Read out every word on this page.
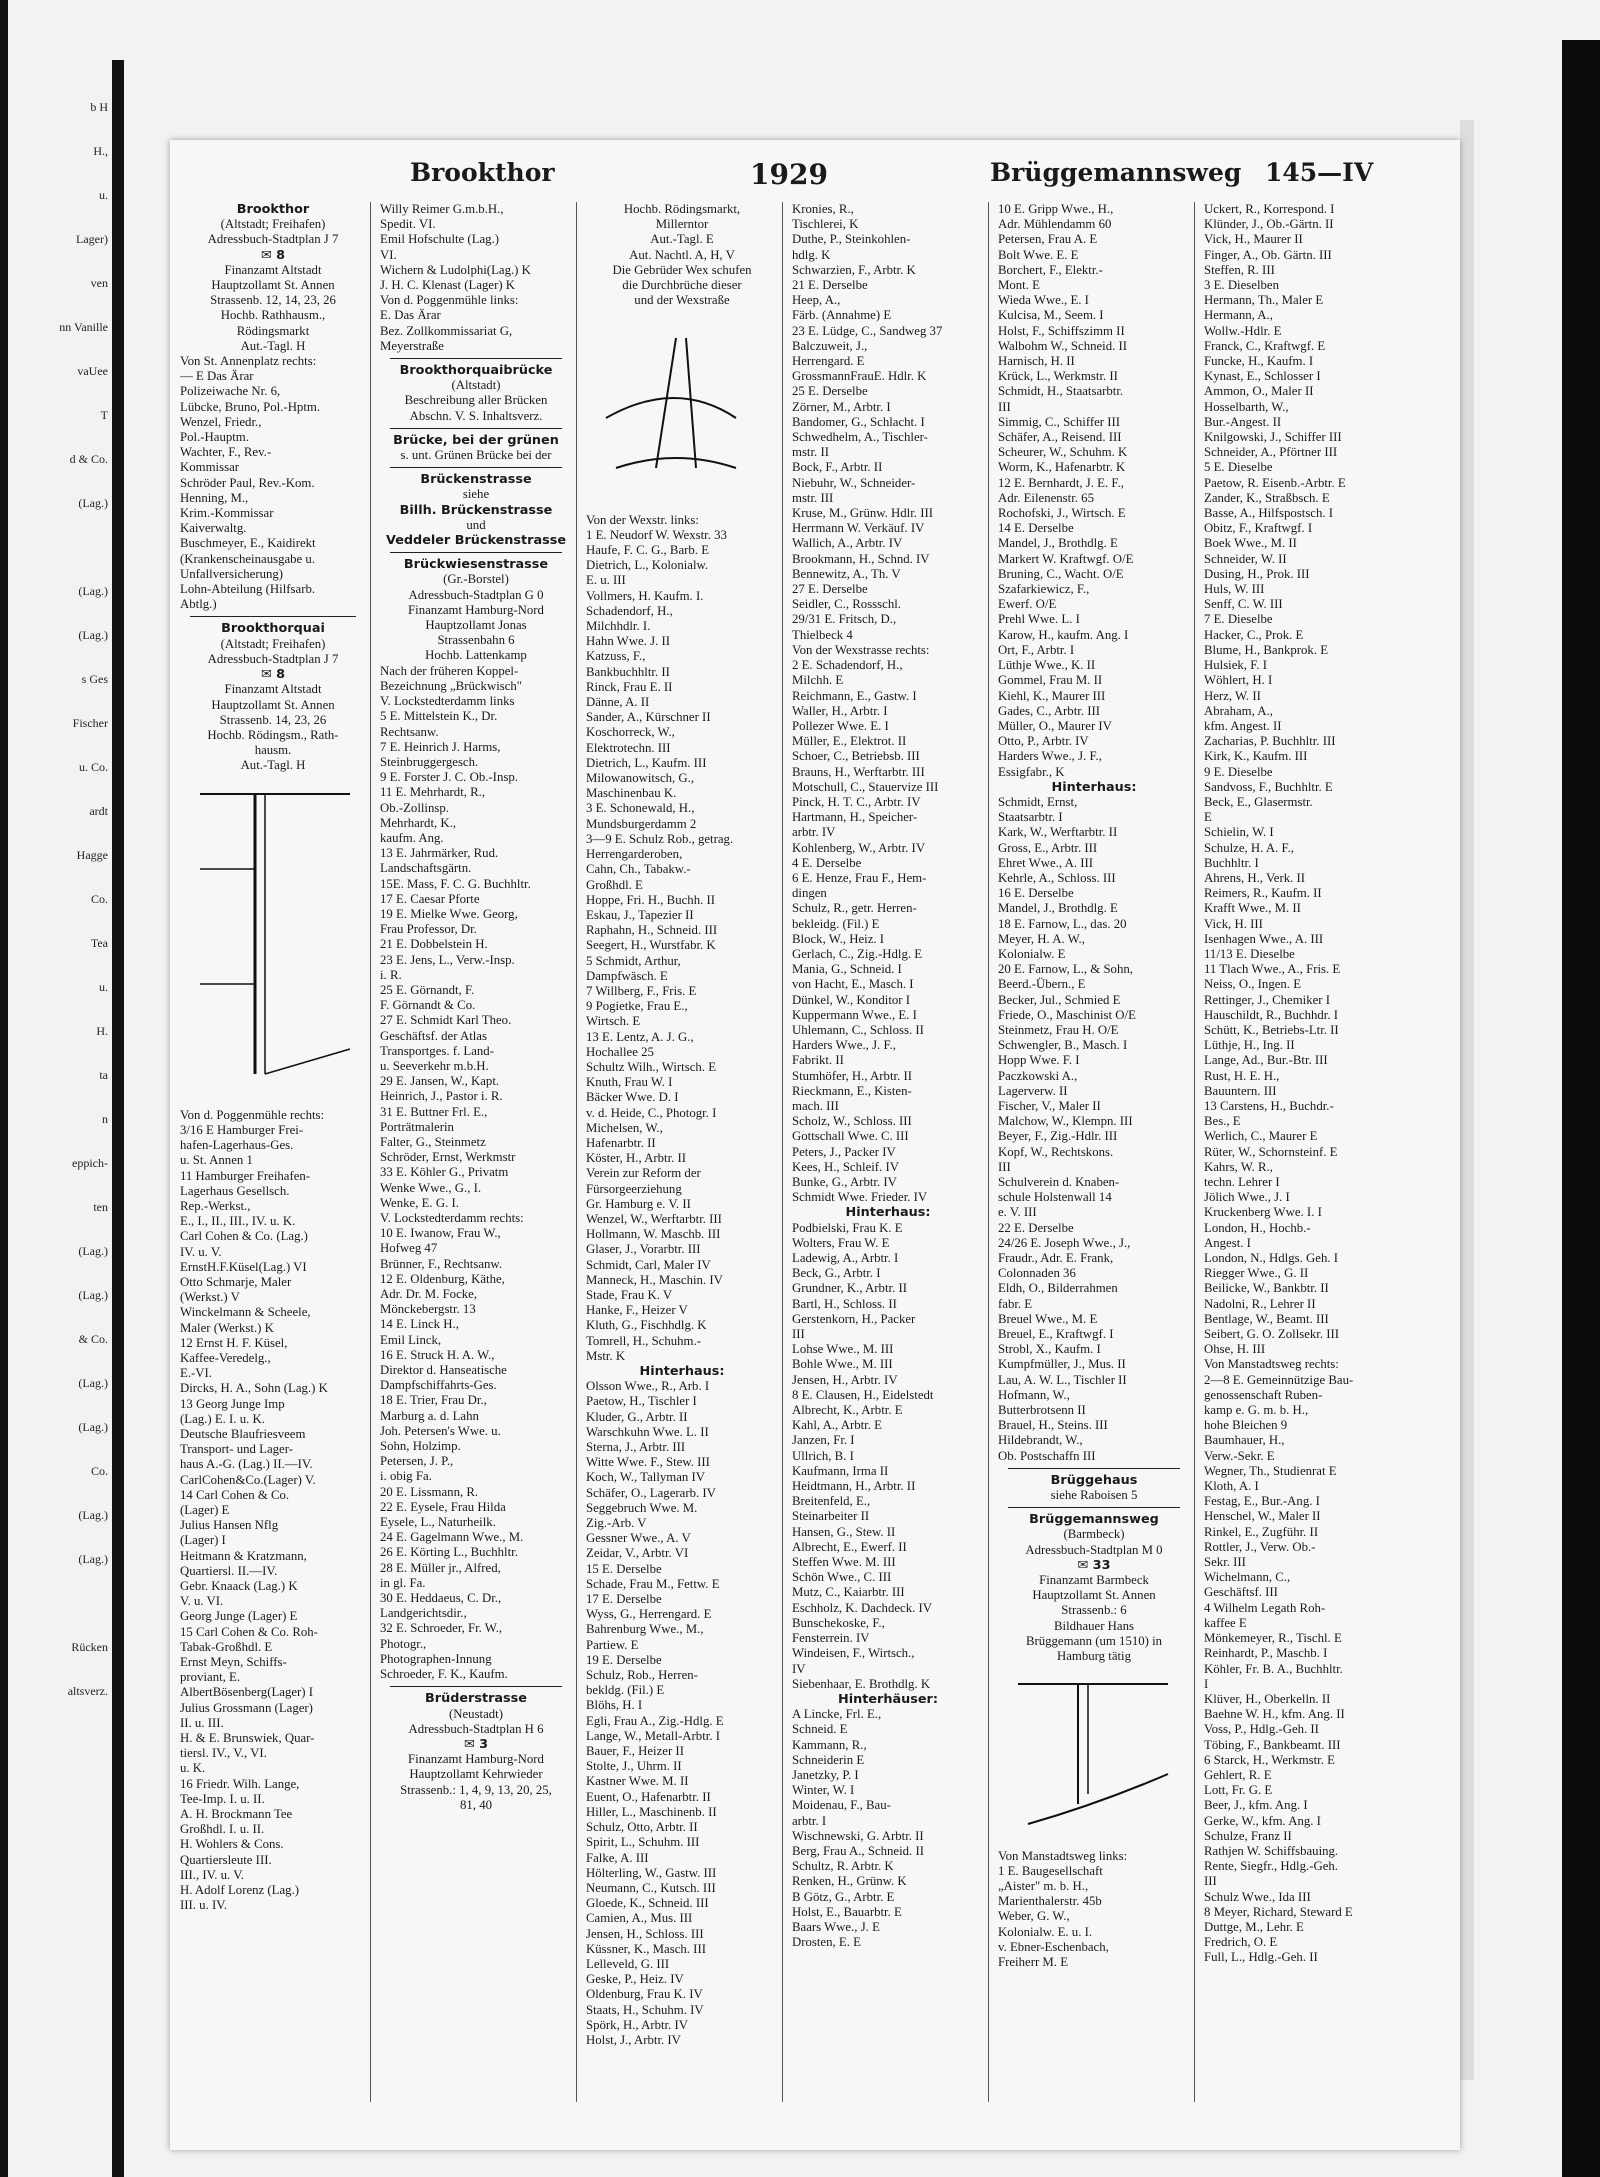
b H
H.,
u.
Lager)
ven
nn Vanille
vaUee
T
d & Co.
(Lag.)
(Lag.)
(Lag.)
s Ges
Fischer
u. Co.
ardt
Hagge
Co.
Tea
u.
H.
ta
n
eppich-
ten
(Lag.)
(Lag.)
& Co.
(Lag.)
(Lag.)
Co.
(Lag.)
(Lag.)
Rücken
altsverz.
Brookthor	1929	Brüggemannsweg 145—IV
Brookthor
(Altstadt; Freihafen)
Adressbuch-Stadtplan J 7
✉ 8
Finanzamt Altstadt
Hauptzollamt St. Annen
Strassenb. 12, 14, 23, 26
Hochb. Rathhausm.,
Rödingsmarkt
Aut.-Tagl. H
Von St. Annenplatz rechts:
— E Das Ärar
Polizeiwache Nr. 6,
Lübcke, Bruno, Pol.-Hptm.
Wenzel, Friedr.,
Pol.-Hauptm.
Wachter, F., Rev.-
Kommissar
Schröder Paul, Rev.-Kom.
Henning, M.,
Krim.-Kommissar
Kaiverwaltg.
Buschmeyer, E., Kaidirekt
(Krankenscheinausgabe u.
Unfallversicherung)
Lohn-Abteilung (Hilfsarb.
Abtlg.)
Brookthorquai
(Altstadt; Freihafen)
Adressbuch-Stadtplan J 7
✉ 8
Finanzamt Altstadt
Hauptzollamt St. Annen
Strassenb. 14, 23, 26
Hochb. Rödingsm., Rath-
hausm.
Aut.-Tagl. H
Von d. Poggenmühle rechts:
3/16 E Hamburger Frei-
hafen-Lagerhaus-Ges.
u. St. Annen 1
11 Hamburger Freihafen-
Lagerhaus Gesellsch.
Rep.-Werkst.,
E., I., II., III., IV. u. K.
Carl Cohen & Co. (Lag.)
IV. u. V.
ErnstH.F.Küsel(Lag.) VI
Otto Schmarje, Maler
(Werkst.) V
Winckelmann & Scheele,
Maler (Werkst.) K
12 Ernst H. F. Küsel,
Kaffee-Veredelg.,
E.-VI.
Dircks, H. A., Sohn (Lag.) K
13 Georg Junge Imp
(Lag.) E. I. u. K.
Deutsche Blaufriesveem
Transport- und Lager-
haus A.-G. (Lag.) II.—IV.
CarlCohen&Co.(Lager) V.
14 Carl Cohen & Co.
(Lager) E
Julius Hansen Nflg
(Lager) I
Heitmann & Kratzmann,
Quartiersl. II.—IV.
Gebr. Knaack (Lag.) K
V. u. VI.
Georg Junge (Lager) E
15 Carl Cohen & Co. Roh-
Tabak-Großhdl. E
Ernst Meyn, Schiffs-
proviant, E.
AlbertBösenberg(Lager) I
Julius Grossmann (Lager)
II. u. III.
H. & E. Brunswiek, Quar-
tiersl. IV., V., VI.
u. K.
16 Friedr. Wilh. Lange,
Tee-Imp. I. u. II.
A. H. Brockmann Tee
Großhdl. I. u. II.
H. Wohlers & Cons.
Quartiersleute III.
III., IV. u. V.
H. Adolf Lorenz (Lag.)
III. u. IV.
Willy Reimer G.m.b.H.,
Spedit. VI.
Emil Hofschulte (Lag.)
VI.
Wichern & Ludolphi(Lag.) K
J. H. C. Klenast (Lager) K
Von d. Poggenmühle links:
E. Das Ärar
Bez. Zollkommissariat G,
Meyerstraße
Brookthorquaibrücke
(Altstadt)
Beschreibung aller Brücken
Abschn. V. S. Inhaltsverz.
Brücke, bei der grünen
s. unt. Grünen Brücke bei der
Brückenstrasse
siehe
Billh. Brückenstrasse
und
Veddeler Brückenstrasse
Brückwiesenstrasse
(Gr.-Borstel)
Adressbuch-Stadtplan G 0
Finanzamt Hamburg-Nord
Hauptzollamt Jonas
Strassenbahn 6
Hochb. Lattenkamp
Nach der früheren Koppel-
Bezeichnung „Brückwisch"
V. Lockstedterdamm links
5 E. Mittelstein K., Dr.
Rechtsanw.
7 E. Heinrich J. Harms,
Steinbruggergesch.
9 E. Forster J. C. Ob.-Insp.
11 E. Mehrhardt, R.,
Ob.-Zollinsp.
Mehrhardt, K.,
kaufm. Ang.
13 E. Jahrmärker, Rud.
Landschaftsgärtn.
15E. Mass, F. C. G. Buchhltr.
17 E. Caesar Pforte
19 E. Mielke Wwe. Georg,
Frau Professor, Dr.
21 E. Dobbelstein H.
23 E. Jens, L., Verw.-Insp.
i. R.
25 E. Görnandt, F.
F. Görnandt & Co.
27 E. Schmidt Karl Theo.
Geschäftsf. der Atlas
Transportges. f. Land-
u. Seeverkehr m.b.H.
29 E. Jansen, W., Kapt.
Heinrich, J., Pastor i. R.
31 E. Buttner Frl. E.,
Porträtmalerin
Falter, G., Steinmetz
Schröder, Ernst, Werkmstr
33 E. Köhler G., Privatm
Wenke Wwe., G., I.
Wenke, E. G. I.
V. Lockstedterdamm rechts:
10 E. Iwanow, Frau W.,
Hofweg 47
Brünner, F., Rechtsanw.
12 E. Oldenburg, Käthe,
Adr. Dr. M. Focke,
Mönckebergstr. 13
14 E. Linck H.,
Emil Linck,
16 E. Struck H. A. W.,
Direktor d. Hanseatische
Dampfschiffahrts-Ges.
18 E. Trier, Frau Dr.,
Marburg a. d. Lahn
Joh. Petersen's Wwe. u.
Sohn, Holzimp.
Petersen, J. P.,
i. obig Fa.
20 E. Lissmann, R.
22 E. Eysele, Frau Hilda
Eysele, L., Naturheilk.
24 E. Gagelmann Wwe., M.
26 E. Körting L., Buchhltr.
28 E. Müller jr., Alfred,
in gl. Fa.
30 E. Heddaeus, C. Dr.,
Landgerichtsdir.,
32 E. Schroeder, Fr. W.,
Photogr.,
Photographen-Innung
Schroeder, F. K., Kaufm.
Brüderstrasse
(Neustadt)
Adressbuch-Stadtplan H 6
✉ 3
Finanzamt Hamburg-Nord
Hauptzollamt Kehrwieder
Strassenb.: 1, 4, 9, 13, 20, 25,
81, 40
Hochb. Rödingsmarkt,
Millerntor
Aut.-Tagl. E
Aut. Nachtl. A, H, V
Die Gebrüder Wex schufen
die Durchbrüche dieser
und der Wexstraße
Von der Wexstr. links:
1 E. Neudorf W. Wexstr. 33
Haufe, F. C. G., Barb. E
Dietrich, L., Kolonialw.
E. u. III
Vollmers, H. Kaufm. I.
Schadendorf, H.,
Milchhdlr. I.
Hahn Wwe. J. II
Katzuss, F.,
Bankbuchhltr. II
Rinck, Frau E. II
Dänne, A. II
Sander, A., Kürschner II
Koschorreck, W.,
Elektrotechn. III
Dietrich, L., Kaufm. III
Milowanowitsch, G.,
Maschinenbau K.
3 E. Schonewald, H.,
Mundsburgerdamm 2
3—9 E. Schulz Rob., getrag.
Herrengarderoben,
Cahn, Ch., Tabakw.-
Großhdl. E
Hoppe, Fri. H., Buchh. II
Eskau, J., Tapezier II
Raphahn, H., Schneid. III
Seegert, H., Wurstfabr. K
5 Schmidt, Arthur,
Dampfwäsch. E
7 Willberg, F., Fris. E
9 Pogietke, Frau E.,
Wirtsch. E
13 E. Lentz, A. J. G.,
Hochallee 25
Schultz Wilh., Wirtsch. E
Knuth, Frau W. I
Bäcker Wwe. D. I
v. d. Heide, C., Photogr. I
Michelsen, W.,
Hafenarbtr. II
Köster, H., Arbtr. II
Verein zur Reform der
Fürsorgeerziehung
Gr. Hamburg e. V. II
Wenzel, W., Werftarbtr. III
Hollmann, W. Maschb. III
Glaser, J., Vorarbtr. III
Schmidt, Carl, Maler IV
Manneck, H., Maschin. IV
Stade, Frau K. V
Hanke, F., Heizer V
Kluth, G., Fischhdlg. K
Tomrell, H., Schuhm.-
Mstr. K
Hinterhaus:
Olsson Wwe., R., Arb. I
Paetow, H., Tischler I
Kluder, G., Arbtr. II
Warschkuhn Wwe. L. II
Sterna, J., Arbtr. III
Witte Wwe. F., Stew. III
Koch, W., Tallyman IV
Schäfer, O., Lagerarb. IV
Seggebruch Wwe. M.
Zig.-Arb. V
Gessner Wwe., A. V
Zeidar, V., Arbtr. VI
15 E. Derselbe
Schade, Frau M., Fettw. E
17 E. Derselbe
Wyss, G., Herrengard. E
Bahrenburg Wwe., M.,
Partiew. E
19 E. Derselbe
Schulz, Rob., Herren-
bekldg. (Fil.) E
Blöhs, H. I
Egli, Frau A., Zig.-Hdlg. E
Lange, W., Metall-Arbtr. I
Bauer, F., Heizer II
Stolte, J., Uhrm. II
Kastner Wwe. M. II
Euent, O., Hafenarbtr. II
Hiller, L., Maschinenb. II
Schulz, Otto, Arbtr. II
Spirit, L., Schuhm. III
Falke, A. III
Hölterling, W., Gastw. III
Neumann, C., Kutsch. III
Gloede, K., Schneid. III
Camien, A., Mus. III
Jensen, H., Schloss. III
Küssner, K., Masch. III
Lelleveld, G. III
Geske, P., Heiz. IV
Oldenburg, Frau K. IV
Staats, H., Schuhm. IV
Spörk, H., Arbtr. IV
Holst, J., Arbtr. IV
Kronies, R.,
Tischlerei, K
Duthe, P., Steinkohlen-
hdlg. K
Schwarzien, F., Arbtr. K
21 E. Derselbe
Heep, A.,
Färb. (Annahme) E
23 E. Lüdge, C., Sandweg 37
Balczuweit, J.,
Herrengard. E
GrossmannFrauE. Hdlr. K
25 E. Derselbe
Zörner, M., Arbtr. I
Bandomer, G., Schlacht. I
Schwedhelm, A., Tischler-
mstr. II
Bock, F., Arbtr. II
Niebuhr, W., Schneider-
mstr. III
Kruse, M., Grünw. Hdlr. III
Herrmann W. Verkäuf. IV
Wallich, A., Arbtr. IV
Brookmann, H., Schnd. IV
Bennewitz, A., Th. V
27 E. Derselbe
Seidler, C., Rossschl.
29/31 E. Fritsch, D.,
Thielbeck 4
Von der Wexstrasse rechts:
2 E. Schadendorf, H.,
Milchh. E
Reichmann, E., Gastw. I
Waller, H., Arbtr. I
Pollezer Wwe. E. I
Müller, E., Elektrot. II
Schoer, C., Betriebsb. III
Brauns, H., Werftarbtr. III
Motschull, C., Stauervize III
Pinck, H. T. C., Arbtr. IV
Hartmann, H., Speicher-
arbtr. IV
Kohlenberg, W., Arbtr. IV
4 E. Derselbe
6 E. Henze, Frau F., Hem-
dingen
Schulz, R., getr. Herren-
bekleidg. (Fil.) E
Block, W., Heiz. I
Gerlach, C., Zig.-Hdlg. E
Mania, G., Schneid. I
von Hacht, E., Masch. I
Dünkel, W., Konditor I
Kuppermann Wwe., E. I
Uhlemann, C., Schloss. II
Harders Wwe., J. F.,
Fabrikt. II
Stumhöfer, H., Arbtr. II
Rieckmann, E., Kisten-
mach. III
Scholz, W., Schloss. III
Gottschall Wwe. C. III
Peters, J., Packer IV
Kees, H., Schleif. IV
Bunke, G., Arbtr. IV
Schmidt Wwe. Frieder. IV
Hinterhaus:
Podbielski, Frau K. E
Wolters, Frau W. E
Ladewig, A., Arbtr. I
Beck, G., Arbtr. I
Grundner, K., Arbtr. II
Bartl, H., Schloss. II
Gerstenkorn, H., Packer
III
Lohse Wwe., M. III
Bohle Wwe., M. III
Jensen, H., Arbtr. IV
8 E. Clausen, H., Eidelstedt
Albrecht, K., Arbtr. E
Kahl, A., Arbtr. E
Janzen, Fr. I
Ullrich, B. I
Kaufmann, Irma II
Heidtmann, H., Arbtr. II
Breitenfeld, E.,
Steinarbeiter II
Hansen, G., Stew. II
Albrecht, E., Ewerf. II
Steffen Wwe. M. III
Schön Wwe., C. III
Mutz, C., Kaiarbtr. III
Eschholz, K. Dachdeck. IV
Bunschekoske, F.,
Fensterrein. IV
Windeisen, F., Wirtsch.,
IV
Siebenhaar, E. Brothdlg. K
Hinterhäuser:
A Lincke, Frl. E.,
Schneid. E
Kammann, R.,
Schneiderin E
Janetzky, P. I
Winter, W. I
Moidenau, F., Bau-
arbtr. I
Wischnewski, G. Arbtr. II
Berg, Frau A., Schneid. II
Schultz, R. Arbtr. K
Renken, H., Grünw. K
B Götz, G., Arbtr. E
Holst, E., Bauarbtr. E
Baars Wwe., J. E
Drosten, E. E
10 E. Gripp Wwe., H.,
Adr. Mühlendamm 60
Petersen, Frau A. E
Bolt Wwe. E. E
Borchert, F., Elektr.-
Mont. E
Wieda Wwe., E. I
Kulcisa, M., Seem. I
Holst, F., Schiffszimm II
Walbohm W., Schneid. II
Harnisch, H. II
Krück, L., Werkmstr. II
Schmidt, H., Staatsarbtr.
III
Simmig, C., Schiffer III
Schäfer, A., Reisend. III
Scheurer, W., Schuhm. K
Worm, K., Hafenarbtr. K
12 E. Bernhardt, J. E. F.,
Adr. Eilenenstr. 65
Rochofski, J., Wirtsch. E
14 E. Derselbe
Mandel, J., Brothdlg. E
Markert W. Kraftwgf. O/E
Bruning, C., Wacht. O/E
Szafarkiewicz, F.,
Ewerf. O/E
Prehl Wwe. L. I
Karow, H., kaufm. Ang. I
Ort, F., Arbtr. I
Lüthje Wwe., K. II
Gommel, Frau M. II
Kiehl, K., Maurer III
Gades, C., Arbtr. III
Müller, O., Maurer IV
Otto, P., Arbtr. IV
Harders Wwe., J. F.,
Essigfabr., K
Hinterhaus:
Schmidt, Ernst,
Staatsarbtr. I
Kark, W., Werftarbtr. II
Gross, E., Arbtr. III
Ehret Wwe., A. III
Kehrle, A., Schloss. III
16 E. Derselbe
Mandel, J., Brothdlg. E
18 E. Farnow, L., das. 20
Meyer, H. A. W.,
Kolonialw. E
20 E. Farnow, L., & Sohn,
Beerd.-Übern., E
Becker, Jul., Schmied E
Friede, O., Maschinist O/E
Steinmetz, Frau H. O/E
Schwengler, B., Masch. I
Hopp Wwe. F. I
Paczkowski A.,
Lagerverw. II
Fischer, V., Maler II
Malchow, W., Klempn. III
Beyer, F., Zig.-Hdlr. III
Kopf, W., Rechtskons.
III
Schulverein d. Knaben-
schule Holstenwall 14
e. V. III
22 E. Derselbe
24/26 E. Joseph Wwe., J.,
Fraudr., Adr. E. Frank,
Colonnaden 36
Eldh, O., Bilderrahmen
fabr. E
Breuel Wwe., M. E
Breuel, E., Kraftwgf. I
Strobl, X., Kaufm. I
Kumpfmüller, J., Mus. II
Lau, A. W. L., Tischler II
Hofmann, W.,
Butterbrotsenn II
Brauel, H., Steins. III
Hildebrandt, W.,
Ob. Postschaffn III
Brüggehaus
siehe Raboisen 5
Brüggemannsweg
(Barmbeck)
Adressbuch-Stadtplan M 0
✉ 33
Finanzamt Barmbeck
Hauptzollamt St. Annen
Strassenb.: 6
Bildhauer Hans
Brüggemann (um 1510) in
Hamburg tätig
Von Manstadtsweg links:
1 E. Baugesellschaft
„Aister" m. b. H.,
Marienthalerstr. 45b
Weber, G. W.,
Kolonialw. E. u. I.
v. Ebner-Eschenbach,
Freiherr M. E
Uckert, R., Korrespond. I
Klünder, J., Ob.-Gärtn. II
Vick, H., Maurer II
Finger, A., Ob. Gärtn. III
Steffen, R. III
3 E. Dieselben
Hermann, Th., Maler E
Hermann, A.,
Wollw.-Hdlr. E
Franck, C., Kraftwgf. E
Funcke, H., Kaufm. I
Kynast, E., Schlosser I
Ammon, O., Maler II
Hosselbarth, W.,
Bur.-Angest. II
Knilgowski, J., Schiffer III
Schneider, A., Pförtner III
5 E. Dieselbe
Paetow, R. Eisenb.-Arbtr. E
Zander, K., Straßbsch. E
Basse, A., Hilfspostsch. I
Obitz, F., Kraftwgf. I
Boek Wwe., M. II
Schneider, W. II
Dusing, H., Prok. III
Huls, W. III
Senff, C. W. III
7 E. Dieselbe
Hacker, C., Prok. E
Blume, H., Bankprok. E
Hulsiek, F. I
Wöhlert, H. I
Herz, W. II
Abraham, A.,
kfm. Angest. II
Zacharias, P. Buchhltr. III
Kirk, K., Kaufm. III
9 E. Dieselbe
Sandvoss, F., Buchhltr. E
Beck, E., Glasermstr.
E
Schielin, W. I
Schulze, H. A. F.,
Buchhltr. I
Ahrens, H., Verk. II
Reimers, R., Kaufm. II
Krafft Wwe., M. II
Vick, H. III
Isenhagen Wwe., A. III
11/13 E. Dieselbe
11 Tlach Wwe., A., Fris. E
Neiss, O., Ingen. E
Rettinger, J., Chemiker I
Hauschildt, R., Buchhdr. I
Schütt, K., Betriebs-Ltr. II
Lüthje, H., Ing. II
Lange, Ad., Bur.-Btr. III
Rust, H. E. H.,
Bauuntern. III
13 Carstens, H., Buchdr.-
Bes., E
Werlich, C., Maurer E
Rüter, W., Schornsteinf. E
Kahrs, W. R.,
techn. Lehrer I
Jölich Wwe., J. I
Kruckenberg Wwe. I. I
London, H., Hochb.-
Angest. I
London, N., Hdlgs. Geh. I
Riegger Wwe., G. II
Beilicke, W., Bankbtr. II
Nadolni, R., Lehrer II
Bentlage, W., Beamt. III
Seibert, G. O. Zollsekr. III
Ohse, H. III
Von Manstadtsweg rechts:
2—8 E. Gemeinnützige Bau-
genossenschaft Ruben-
kamp e. G. m. b. H.,
hohe Bleichen 9
Baumhauer, H.,
Verw.-Sekr. E
Wegner, Th., Studienrat E
Kloth, A. I
Festag, E., Bur.-Ang. I
Henschel, W., Maler II
Rinkel, E., Zugführ. II
Rottler, J., Verw. Ob.-
Sekr. III
Wichelmann, C.,
Geschäftsf. III
4 Wilhelm Legath Roh-
kaffee E
Mönkemeyer, R., Tischl. E
Reinhardt, P., Maschb. I
Köhler, Fr. B. A., Buchhltr.
I
Klüver, H., Oberkelln. II
Baehne W. H., kfm. Ang. II
Voss, P., Hdlg.-Geh. II
Töbing, F., Bankbeamt. III
6 Starck, H., Werkmstr. E
Gehlert, R. E
Lott, Fr. G. E
Beer, J., kfm. Ang. I
Gerke, W., kfm. Ang. I
Schulze, Franz II
Rathjen W. Schiffsbauing.
Rente, Siegfr., Hdlg.-Geh.
III
Schulz Wwe., Ida III
8 Meyer, Richard, Steward E
Duttge, M., Lehr. E
Fredrich, O. E
Full, L., Hdlg.-Geh. II
